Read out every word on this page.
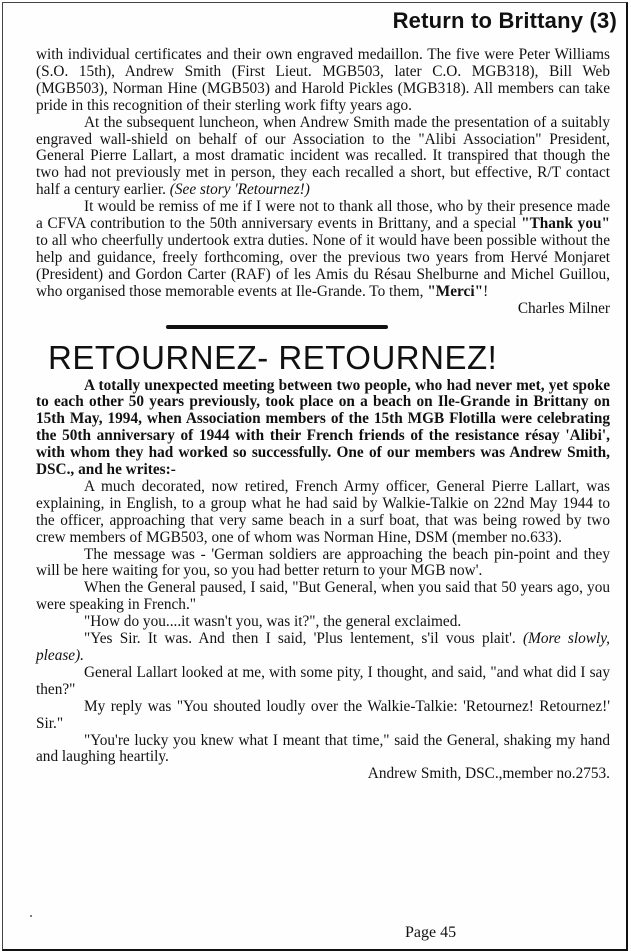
Return to Brittany (3)

with individual certificates and their own engraved medaillon. The five were Peter Williams (S.O. 15th), Andrew Smith (First Lieut. MGB503, later C.O. MGB318), Bill Web (MGB503), Norman Hine (MGB503) and Harold Pickles (MGB318). All members can take pride in this recognition of their sterling work fifty years ago.

At the subsequent luncheon, when Andrew Smith made the presentation of a suitably engraved wall-shield on behalf of our Association to the "Alibi Association" President, General Pierre Lallart, a most dramatic incident was recalled. It transpired that though the two had not previously met in person, they each recalled a short, but effective, R/T contact half a century earlier. (See story 'Retournez!)

It would be remiss of me if I were not to thank all those, who by their presence made a CFVA contribution to the 50th anniversary events in Brittany, and a special "Thank you" to all who cheerfully undertook extra duties. None of it would have been possible without the help and guidance, freely forthcoming, over the previous two years from Hervé Monjaret (President) and Gordon Carter (RAF) of les Amis du Résau Shelburne and Michel Guillou, who organised those memorable events at Ile-Grande. To them, "Merci"!

Charles Milner

RETOURNEZ- RETOURNEZ!

A totally unexpected meeting between two people, who had never met, yet spoke to each other 50 years previously, took place on a beach on Ile-Grande in Brittany on 15th May, 1994, when Association members of the 15th MGB Flotilla were celebrating the 50th anniversary of 1944 with their French friends of the resistance résay 'Alibi', with whom they had worked so successfully. One of our members was Andrew Smith, DSC., and he writes:-

A much decorated, now retired, French Army officer, General Pierre Lallart, was explaining, in English, to a group what he had said by Walkie-Talkie on 22nd May 1944 to the officer, approaching that very same beach in a surf boat, that was being rowed by two crew members of MGB503, one of whom was Norman Hine, DSM (member no.633).

The message was - 'German soldiers are approaching the beach pin-point and they will be here waiting for you, so you had better return to your MGB now'.

When the General paused, I said, "But General, when you said that 50 years ago, you were speaking in French."

"How do you....it wasn't you, was it?", the general exclaimed.

"Yes Sir. It was. And then I said, 'Plus lentement, s'il vous plait'. (More slowly, please).

General Lallart looked at me, with some pity, I thought, and said, "and what did I say then?"

My reply was "You shouted loudly over the Walkie-Talkie: 'Retournez! Retournez!' Sir."

"You're lucky you knew what I meant that time," said the General, shaking my hand and laughing heartily.

Andrew Smith, DSC.,member no.2753.

Page 45
